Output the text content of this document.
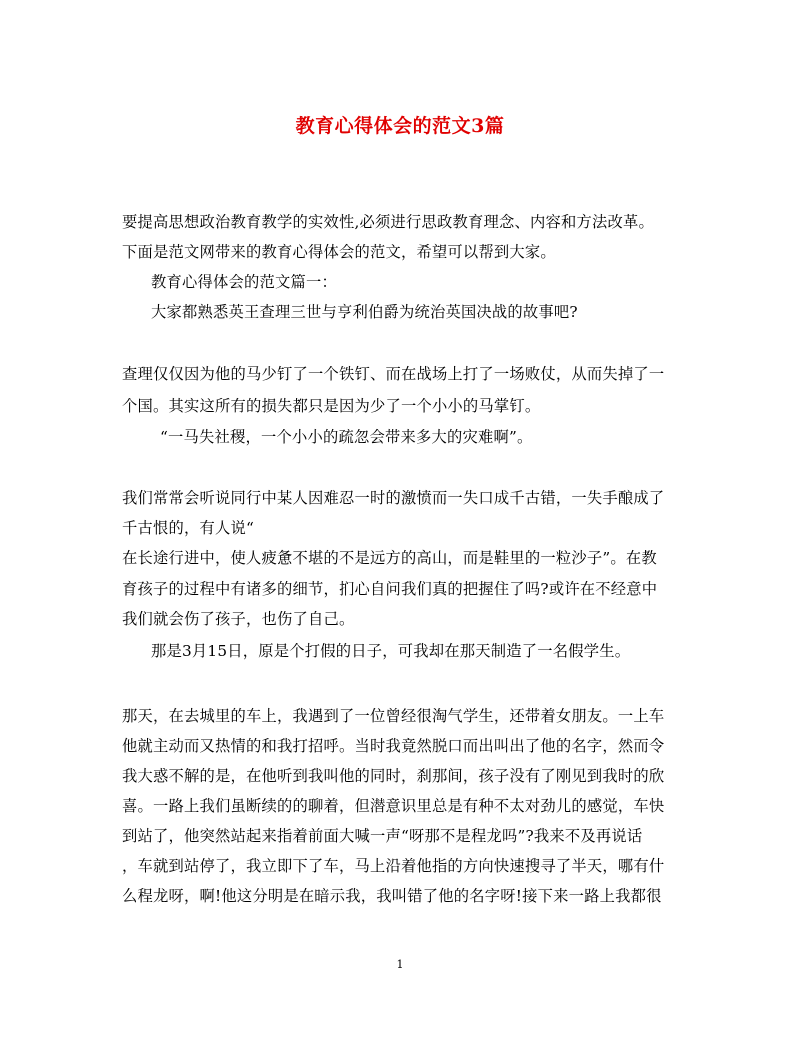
教育心得体会的范文3篇
要提高思想政治教育教学的实效性,必须进行思政教育理念、内容和方法改革。
下面是范文网带来的教育心得体会的范文，希望可以帮到大家。
教育心得体会的范文篇一：
大家都熟悉英王查理三世与亨利伯爵为统治英国决战的故事吧?
查理仅仅因为他的马少钉了一个铁钉、而在战场上打了一场败仗，从而失掉了一
个国。其实这所有的损失都只是因为少了一个小小的马掌钉。
“一马失社稷，一个小小的疏忽会带来多大的灾难啊”。
我们常常会听说同行中某人因难忍一时的激愤而一失口成千古错，一失手酿成了
千古恨的，有人说“
在长途行进中，使人疲惫不堪的不是远方的高山，而是鞋里的一粒沙子”。在教
育孩子的过程中有诸多的细节，扪心自问我们真的把握住了吗?或许在不经意中
我们就会伤了孩子，也伤了自己。
那是3月15日，原是个打假的日子，可我却在那天制造了一名假学生。
那天，在去城里的车上，我遇到了一位曾经很淘气学生，还带着女朋友。一上车
他就主动而又热情的和我打招呼。当时我竟然脱口而出叫出了他的名字，然而令
我大惑不解的是，在他听到我叫他的同时，刹那间，孩子没有了刚见到我时的欣
喜。一路上我们虽断续的的聊着，但潜意识里总是有种不太对劲儿的感觉，车快
到站了，他突然站起来指着前面大喊一声“呀那不是程龙吗”?我来不及再说话
，车就到站停了，我立即下了车，马上沿着他指的方向快速搜寻了半天，哪有什
么程龙呀，啊!他这分明是在暗示我，我叫错了他的名字呀!接下来一路上我都很
1
